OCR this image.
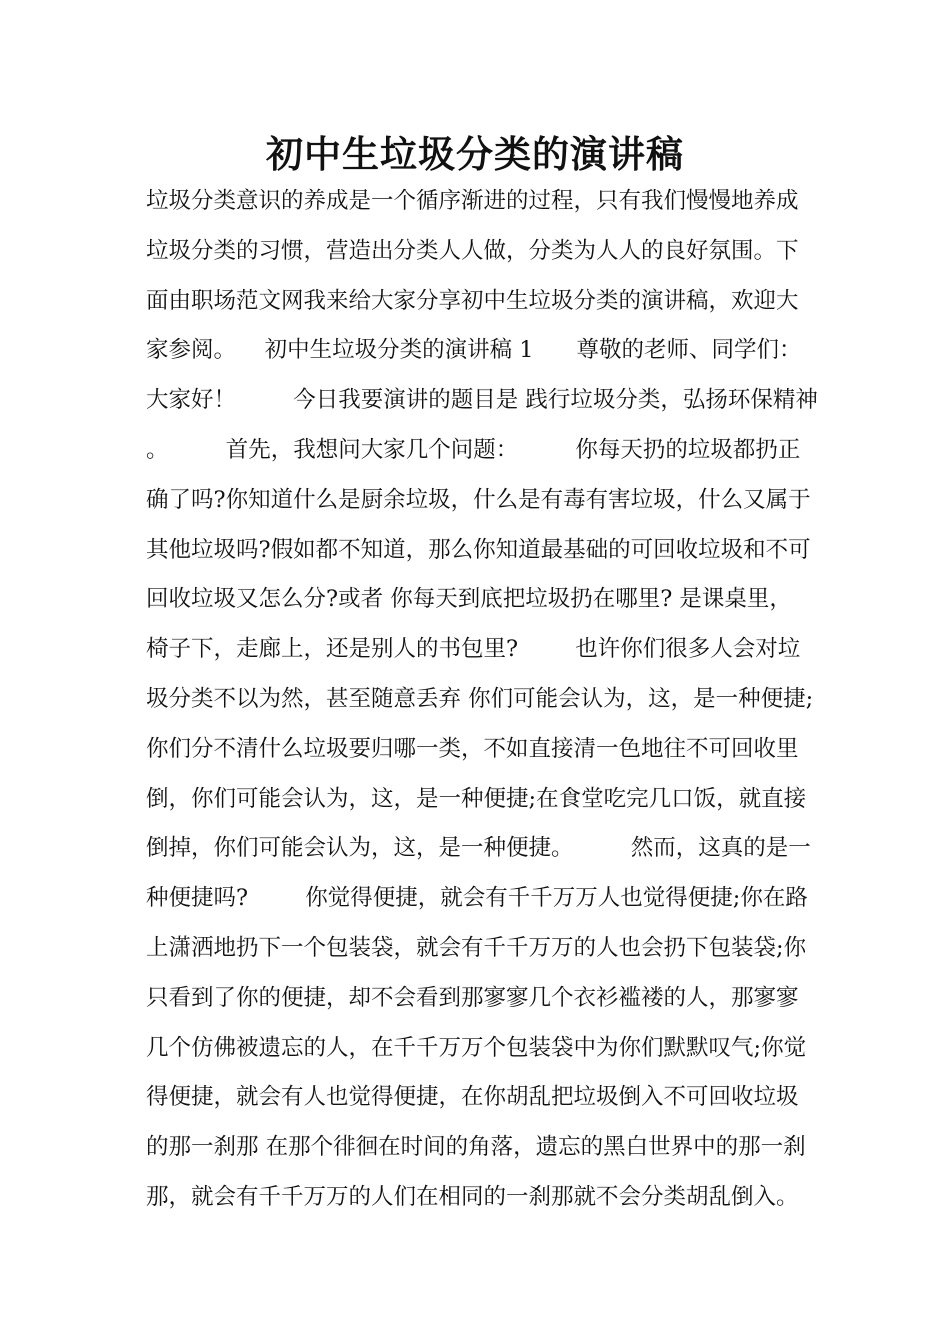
初中生垃圾分类的演讲稿
垃圾分类意识的养成是一个循序渐进的过程，只有我们慢慢地养成
垃圾分类的习惯，营造出分类人人做，分类为人人的良好氛围。下
面由职场范文网我来给大家分享初中生垃圾分类的演讲稿，欢迎大
家参阅。    初中生垃圾分类的演讲稿 1      尊敬的老师、同学们：
大家好！        今日我要演讲的题目是 践行垃圾分类，弘扬环保精神
。        首先，我想问大家几个问题：        你每天扔的垃圾都扔正
确了吗?你知道什么是厨余垃圾，什么是有毒有害垃圾，什么又属于
其他垃圾吗?假如都不知道，那么你知道最基础的可回收垃圾和不可
回收垃圾又怎么分?或者 你每天到底把垃圾扔在哪里? 是课桌里，
椅子下，走廊上，还是别人的书包里?        也许你们很多人会对垃
圾分类不以为然，甚至随意丢弃 你们可能会认为，这，是一种便捷;
你们分不清什么垃圾要归哪一类，不如直接清一色地往不可回收里
倒，你们可能会认为，这，是一种便捷;在食堂吃完几口饭，就直接
倒掉，你们可能会认为，这，是一种便捷。        然而，这真的是一
种便捷吗?        你觉得便捷，就会有千千万万人也觉得便捷;你在路
上潇洒地扔下一个包装袋，就会有千千万万的人也会扔下包装袋;你
只看到了你的便捷，却不会看到那寥寥几个衣衫褴褛的人，那寥寥
几个仿佛被遗忘的人，在千千万万个包装袋中为你们默默叹气;你觉
得便捷，就会有人也觉得便捷，在你胡乱把垃圾倒入不可回收垃圾
的那一刹那 在那个徘徊在时间的角落，遗忘的黑白世界中的那一刹
那，就会有千千万万的人们在相同的一刹那就不会分类胡乱倒入。
